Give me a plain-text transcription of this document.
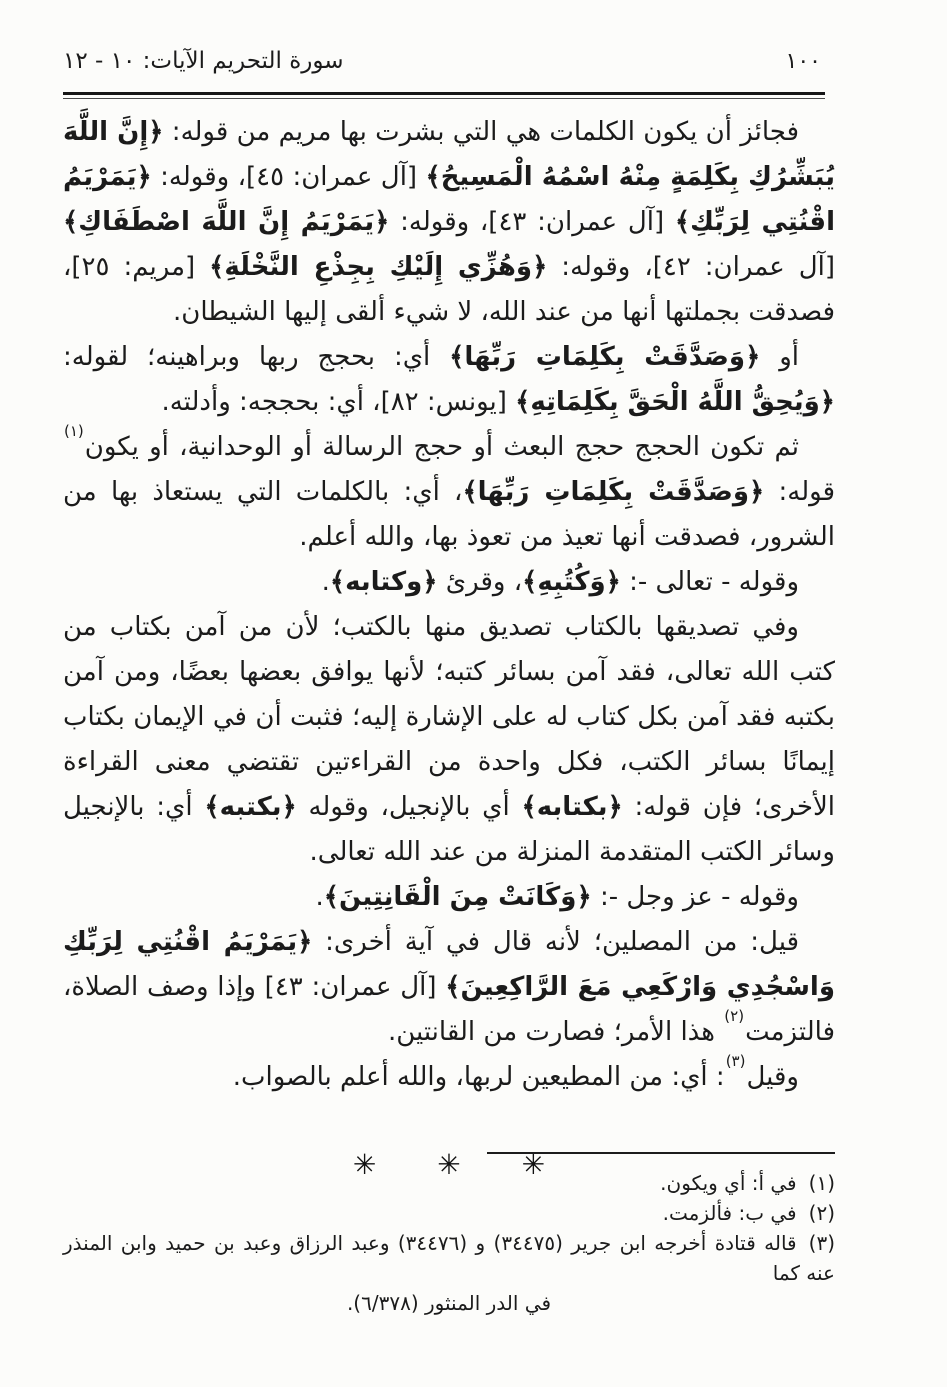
سورة التحريم الآيات: ١٠ - ١٢	١٠٠
فجائز أن يكون الكلمات هي التي بشرت بها مريم من قوله: ﴿إِنَّ اللَّهَ يُبَشِّرُكِ بِكَلِمَةٍ مِنْهُ اسْمُهُ الْمَسِيحُ﴾ [آل عمران: ٤٥]، وقوله: ﴿يَمَرْيَمُ اقْنُتِي لِرَبِّكِ﴾ [آل عمران: ٤٣]، وقوله: ﴿يَمَرْيَمُ إِنَّ اللَّهَ اصْطَفَاكِ﴾ [آل عمران: ٤٢]، وقوله: ﴿وَهُزِّي إِلَيْكِ بِجِذْعِ النَّخْلَةِ﴾ [مريم: ٢٥]، فصدقت بجملتها أنها من عند الله، لا شيء ألقى إليها الشيطان.
أو ﴿وَصَدَّقَتْ بِكَلِمَاتِ رَبِّهَا﴾ أي: بحجج ربها وبراهينه؛ لقوله: ﴿وَيُحِقُّ اللَّهُ الْحَقَّ بِكَلِمَاتِهِ﴾ [يونس: ٨٢]، أي: بحججه: وأدلته.
ثم تكون الحجج حجج البعث أو حجج الرسالة أو الوحدانية، أو يكون$^{(١)}$ قوله: ﴿وَصَدَّقَتْ بِكَلِمَاتِ رَبِّهَا﴾، أي: بالكلمات التي يستعاذ بها من الشرور، فصدقت أنها تعيذ من تعوذ بها، والله أعلم.
وقوله - تعالى -: ﴿وَكُتُبِهِ﴾، وقرئ ﴿وكتابه﴾.
وفي تصديقها بالكتاب تصديق منها بالكتب؛ لأن من آمن بكتاب من كتب الله تعالى، فقد آمن بسائر كتبه؛ لأنها يوافق بعضها بعضًا، ومن آمن بكتبه فقد آمن بكل كتاب له على الإشارة إليه؛ فثبت أن في الإيمان بكتاب إيمانًا بسائر الكتب، فكل واحدة من القراءتين تقتضي معنى القراءة الأخرى؛ فإن قوله: ﴿بكتابه﴾ أي بالإنجيل، وقوله ﴿بكتبه﴾ أي: بالإنجيل وسائر الكتب المتقدمة المنزلة من عند الله تعالى.
وقوله - عز وجل -: ﴿وَكَانَتْ مِنَ الْقَانِتِينَ﴾.
قيل: من المصلين؛ لأنه قال في آية أخرى: ﴿يَمَرْيَمُ اقْنُتِي لِرَبِّكِ وَاسْجُدِي وَارْكَعِي مَعَ الرَّاكِعِينَ﴾ [آل عمران: ٤٣] وإذا وصف الصلاة، فالتزمت$^{(٢)}$ هذا الأمر؛ فصارت من القانتين.
وقيل$^{(٣)}$: أي: من المطيعين لربها، والله أعلم بالصواب.
✳ ✳ ✳
(١)في أ: أي ويكون.
(٢)في ب: فألزمت.
(٣)قاله قتادة أخرجه ابن جرير (٣٤٤٧٥) و (٣٤٤٧٦) وعبد الرزاق وعبد بن حميد وابن المنذر عنه كما
في الدر المنثور (٦/٣٧٨).
